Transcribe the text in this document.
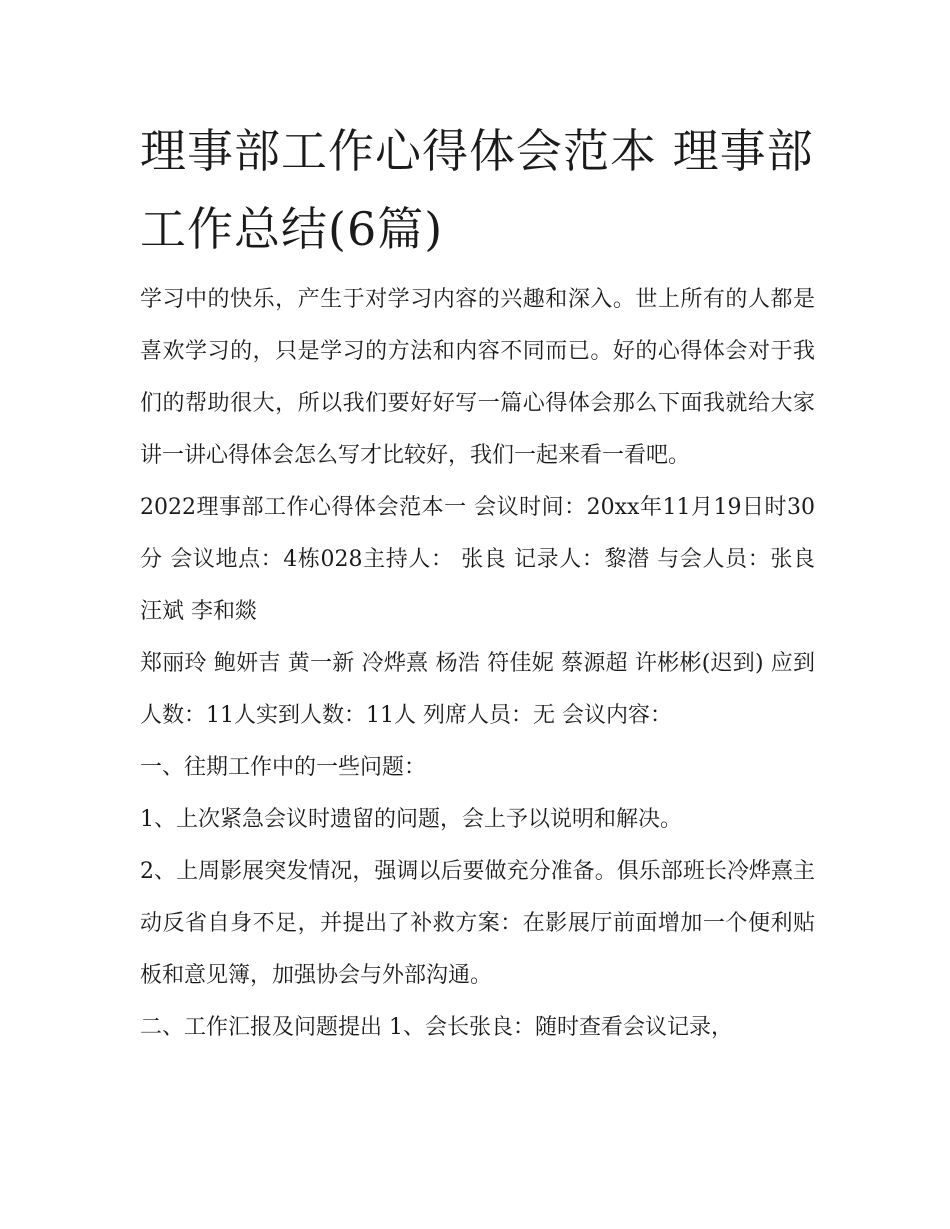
理事部工作心得体会范本 理事部工作总结(6篇)

学习中的快乐，产生于对学习内容的兴趣和深入。世上所有的人都是喜欢学习的，只是学习的方法和内容不同而已。好的心得体会对于我们的帮助很大，所以我们要好好写一篇心得体会那么下面我就给大家讲一讲心得体会怎么写才比较好，我们一起来看一看吧。

2022理事部工作心得体会范本一 会议时间：20xx年11月19日时30分 会议地点：4栋028主持人： 张良 记录人：黎潜 与会人员：张良 汪斌 李和燚

郑丽玲 鲍妍吉 黄一新 冷烨熹 杨浩 符佳妮 蔡源超 许彬彬(迟到) 应到人数：11人实到人数：11人 列席人员：无 会议内容：

一、往期工作中的一些问题：

1、上次紧急会议时遗留的问题，会上予以说明和解决。

2、上周影展突发情况，强调以后要做充分准备。俱乐部班长冷烨熹主动反省自身不足，并提出了补救方案：在影展厅前面增加一个便利贴板和意见簿，加强协会与外部沟通。

二、工作汇报及问题提出 1、会长张良：随时查看会议记录，
